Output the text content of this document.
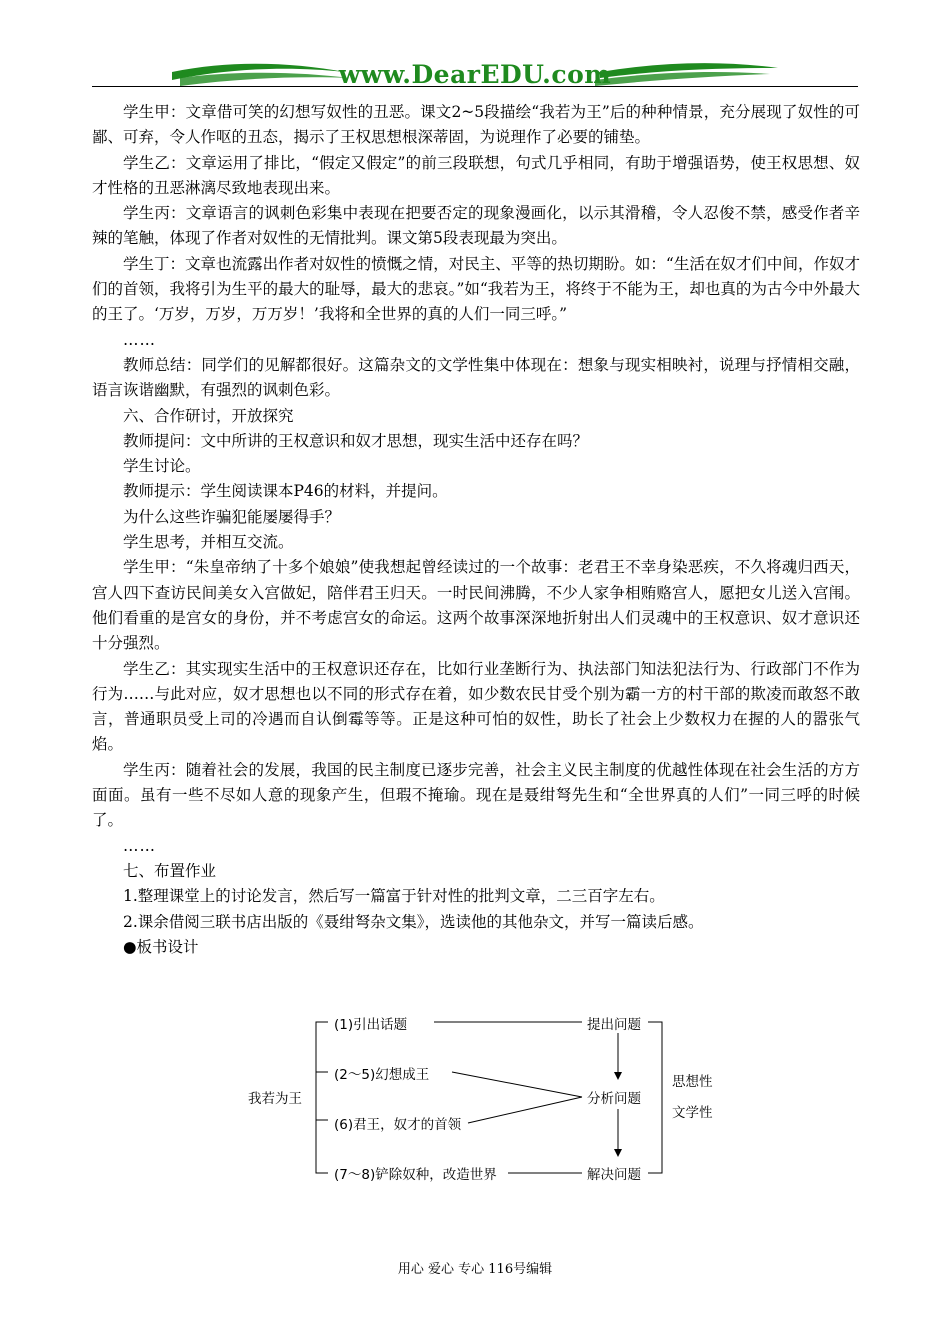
www.DearEDU.com

学生甲：文章借可笑的幻想写奴性的丑恶。课文2~5段描绘“我若为王”后的种种情景，充分展现了奴性的可鄙、可弃，令人作呕的丑态，揭示了王权思想根深蒂固，为说理作了必要的铺垫。

学生乙：文章运用了排比，“假定又假定”的前三段联想，句式几乎相同，有助于增强语势，使王权思想、奴才性格的丑恶淋漓尽致地表现出来。

学生丙：文章语言的讽刺色彩集中表现在把要否定的现象漫画化，以示其滑稽，令人忍俊不禁，感受作者辛辣的笔触，体现了作者对奴性的无情批判。课文第5段表现最为突出。

学生丁：文章也流露出作者对奴性的愤慨之情，对民主、平等的热切期盼。如：“生活在奴才们中间，作奴才们的首领，我将引为生平的最大的耻辱，最大的悲哀。”如“我若为王，将终于不能为王，却也真的为古今中外最大的王了。‘万岁，万岁，万万岁！’我将和全世界的真的人们一同三呼。”

……

教师总结：同学们的见解都很好。这篇杂文的文学性集中体现在：想象与现实相映衬，说理与抒情相交融，语言诙谐幽默，有强烈的讽刺色彩。

六、合作研讨，开放探究

教师提问：文中所讲的王权意识和奴才思想，现实生活中还存在吗？

学生讨论。

教师提示：学生阅读课本P46的材料，并提问。

为什么这些诈骗犯能屡屡得手？

学生思考，并相互交流。

学生甲：“朱皇帝纳了十多个娘娘”使我想起曾经读过的一个故事：老君王不幸身染恶疾，不久将魂归西天，宫人四下查访民间美女入宫做妃，陪伴君王归天。一时民间沸腾，不少人家争相贿赂宫人，愿把女儿送入宫闱。他们看重的是宫女的身份，并不考虑宫女的命运。这两个故事深深地折射出人们灵魂中的王权意识、奴才意识还十分强烈。

学生乙：其实现实生活中的王权意识还存在，比如行业垄断行为、执法部门知法犯法行为、行政部门不作为行为……与此对应，奴才思想也以不同的形式存在着，如少数农民甘受个别为霸一方的村干部的欺凌而敢怒不敢言，普通职员受上司的冷遇而自认倒霉等等。正是这种可怕的奴性，助长了社会上少数权力在握的人的嚣张气焰。

学生丙：随着社会的发展，我国的民主制度已逐步完善，社会主义民主制度的优越性体现在社会生活的方方面面。虽有一些不尽如人意的现象产生，但瑕不掩瑜。现在是聂绀弩先生和“全世界真的人们”一同三呼的时候了。

……

七、布置作业

1.整理课堂上的讨论发言，然后写一篇富于针对性的批判文章，二三百字左右。

2.课余借阅三联书店出版的《聂绀弩杂文集》，选读他的其他杂文，并写一篇读后感。

●板书设计

我若为王
(1)引出话题
(2～5)幻想成王
(6)君王，奴才的首领
(7～8)铲除奴种，改造世界
提出问题
分析问题
解决问题
思想性
文学性
用心 爱心 专心 116号编辑
